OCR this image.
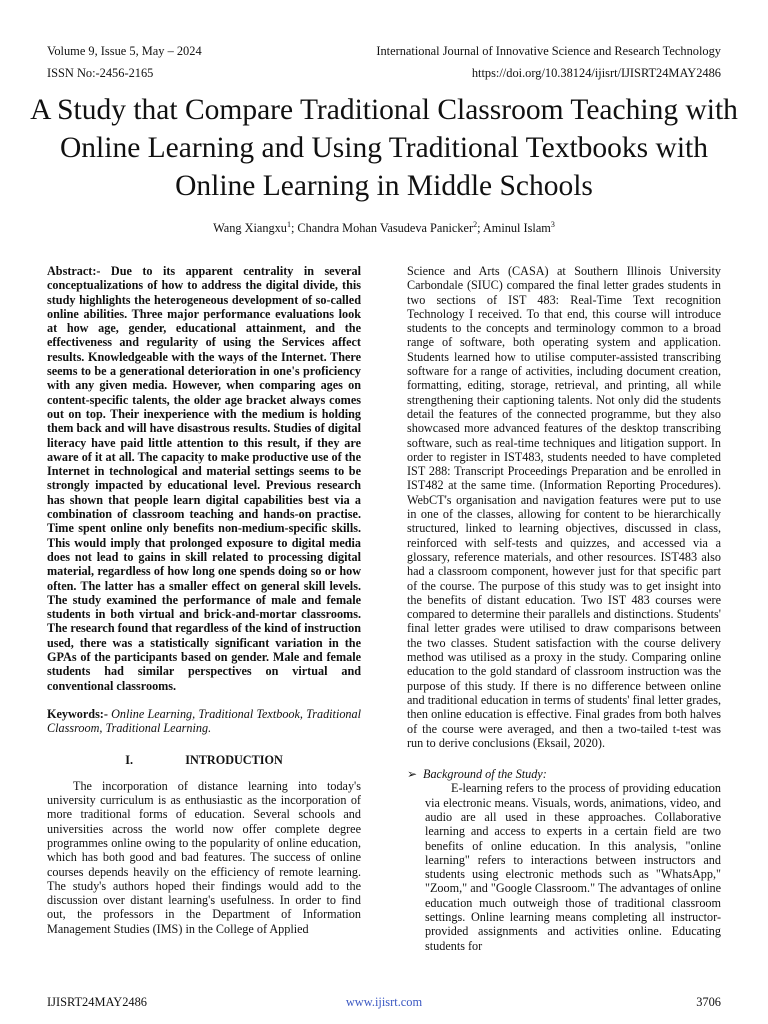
Volume 9, Issue 5, May – 2024	International Journal of Innovative Science and Research Technology
ISSN No:-2456-2165	https://doi.org/10.38124/ijisrt/IJISRT24MAY2486
A Study that Compare Traditional Classroom Teaching with Online Learning and Using Traditional Textbooks with Online Learning in Middle Schools
Wang Xiangxu$^1$; Chandra Mohan Vasudeva Panicker$^2$; Aminul Islam$^3$

Abstract:- Due to its apparent centrality in several conceptualizations of how to address the digital divide, this study highlights the heterogeneous development of so-called online abilities. Three major performance evaluations look at how age, gender, educational attainment, and the effectiveness and regularity of using the Services affect results. Knowledgeable with the ways of the Internet. There seems to be a generational deterioration in one's proficiency with any given media. However, when comparing ages on content-specific talents, the older age bracket always comes out on top. Their inexperience with the medium is holding them back and will have disastrous results. Studies of digital literacy have paid little attention to this result, if they are aware of it at all. The capacity to make productive use of the Internet in technological and material settings seems to be strongly impacted by educational level. Previous research has shown that people learn digital capabilities best via a combination of classroom teaching and hands-on practise. Time spent online only benefits non-medium-specific skills. This would imply that prolonged exposure to digital media does not lead to gains in skill related to processing digital material, regardless of how long one spends doing so or how often. The latter has a smaller effect on general skill levels. The study examined the performance of male and female students in both virtual and brick-and-mortar classrooms. The research found that regardless of the kind of instruction used, there was a statistically significant variation in the GPAs of the participants based on gender. Male and female students had similar perspectives on virtual and conventional classrooms.

Keywords:- Online Learning, Traditional Textbook, Traditional Classroom, Traditional Learning.

I.	INTRODUCTION

The incorporation of distance learning into today's university curriculum is as enthusiastic as the incorporation of more traditional forms of education. Several schools and universities across the world now offer complete degree programmes online owing to the popularity of online education, which has both good and bad features. The success of online courses depends heavily on the efficiency of remote learning. The study's authors hoped their findings would add to the discussion over distant learning's usefulness. In order to find out, the professors in the Department of Information Management Studies (IMS) in the College of Applied

Science and Arts (CASA) at Southern Illinois University Carbondale (SIUC) compared the final letter grades students in two sections of IST 483: Real-Time Text recognition Technology I received. To that end, this course will introduce students to the concepts and terminology common to a broad range of software, both operating system and application. Students learned how to utilise computer-assisted transcribing software for a range of activities, including document creation, formatting, editing, storage, retrieval, and printing, all while strengthening their captioning talents. Not only did the students detail the features of the connected programme, but they also showcased more advanced features of the desktop transcribing software, such as real-time techniques and litigation support. In order to register in IST483, students needed to have completed IST 288: Transcript Proceedings Preparation and be enrolled in IST482 at the same time. (Information Reporting Procedures). WebCT's organisation and navigation features were put to use in one of the classes, allowing for content to be hierarchically structured, linked to learning objectives, discussed in class, reinforced with self-tests and quizzes, and accessed via a glossary, reference materials, and other resources. IST483 also had a classroom component, however just for that specific part of the course. The purpose of this study was to get insight into the benefits of distant education. Two IST 483 courses were compared to determine their parallels and distinctions. Students' final letter grades were utilised to draw comparisons between the two classes. Student satisfaction with the course delivery method was utilised as a proxy in the study. Comparing online education to the gold standard of classroom instruction was the purpose of this study. If there is no difference between online and traditional education in terms of students' final letter grades, then online education is effective. Final grades from both halves of the course were averaged, and then a two-tailed t-test was run to derive conclusions (Eksail, 2020).

➢ Background of the Study:

E-learning refers to the process of providing education via electronic means. Visuals, words, animations, video, and audio are all used in these approaches. Collaborative learning and access to experts in a certain field are two benefits of online education. In this analysis, "online learning" refers to interactions between instructors and students using electronic methods such as "WhatsApp," "Zoom," and "Google Classroom." The advantages of online education much outweigh those of traditional classroom settings. Online learning means completing all instructor-provided assignments and activities online. Educating students for

IJISRT24MAY2486	www.ijisrt.com	3706
